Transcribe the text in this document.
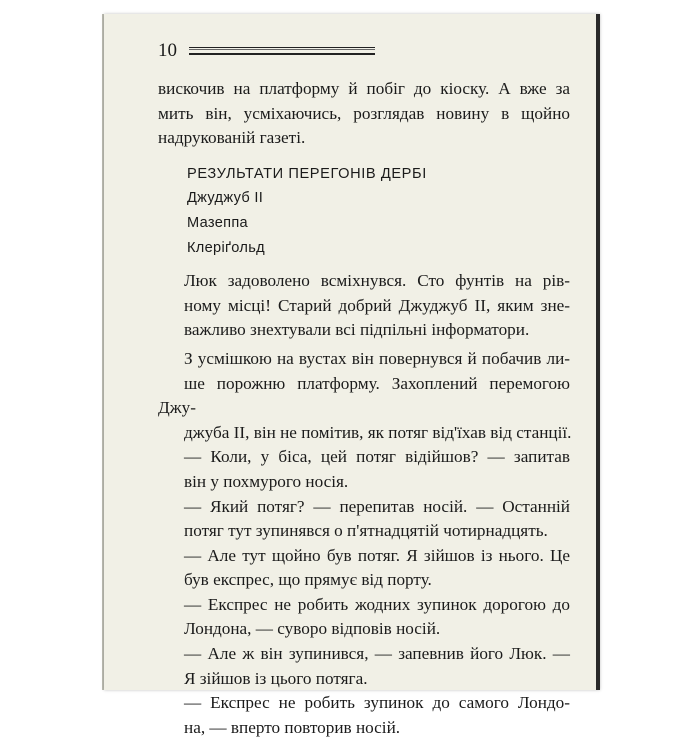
10

вискочив на платформу й побіг до кіоску. А вже за
мить він, усміхаючись, розглядав новину в щойно
надрукованій газеті.

РЕЗУЛЬТАТИ ПЕРЕГОНІВ ДЕРБІ
Джуджуб II
Мазеппа
Клеріґольд

Люк задоволено всміхнувся. Сто фунтів на рів-
ному місці! Старий добрий Джуджуб II, яким зне-
важливо знехтували всі підпільні інформатори.

З усмішкою на вустах він повернувся й побачив ли-
ше порожню платформу. Захоплений перемогою Джу-
джуба II, він не помітив, як потяг від'їхав від станції.

— Коли, у біса, цей потяг відійшов? — запитав
він у похмурого носія.

— Який потяг? — перепитав носій. — Останній
потяг тут зупинявся о п'ятнадцятій чотирнадцять.

— Але тут щойно був потяг. Я зійшов із нього. Це
був експрес, що прямує від порту.

— Експрес не робить жодних зупинок дорогою до
Лондона, — суворо відповів носій.

— Але ж він зупинився, — запевнив його Люк. —
Я зійшов із цього потяга.

— Експрес не робить зупинок до самого Лондо-
на, — вперто повторив носій.
